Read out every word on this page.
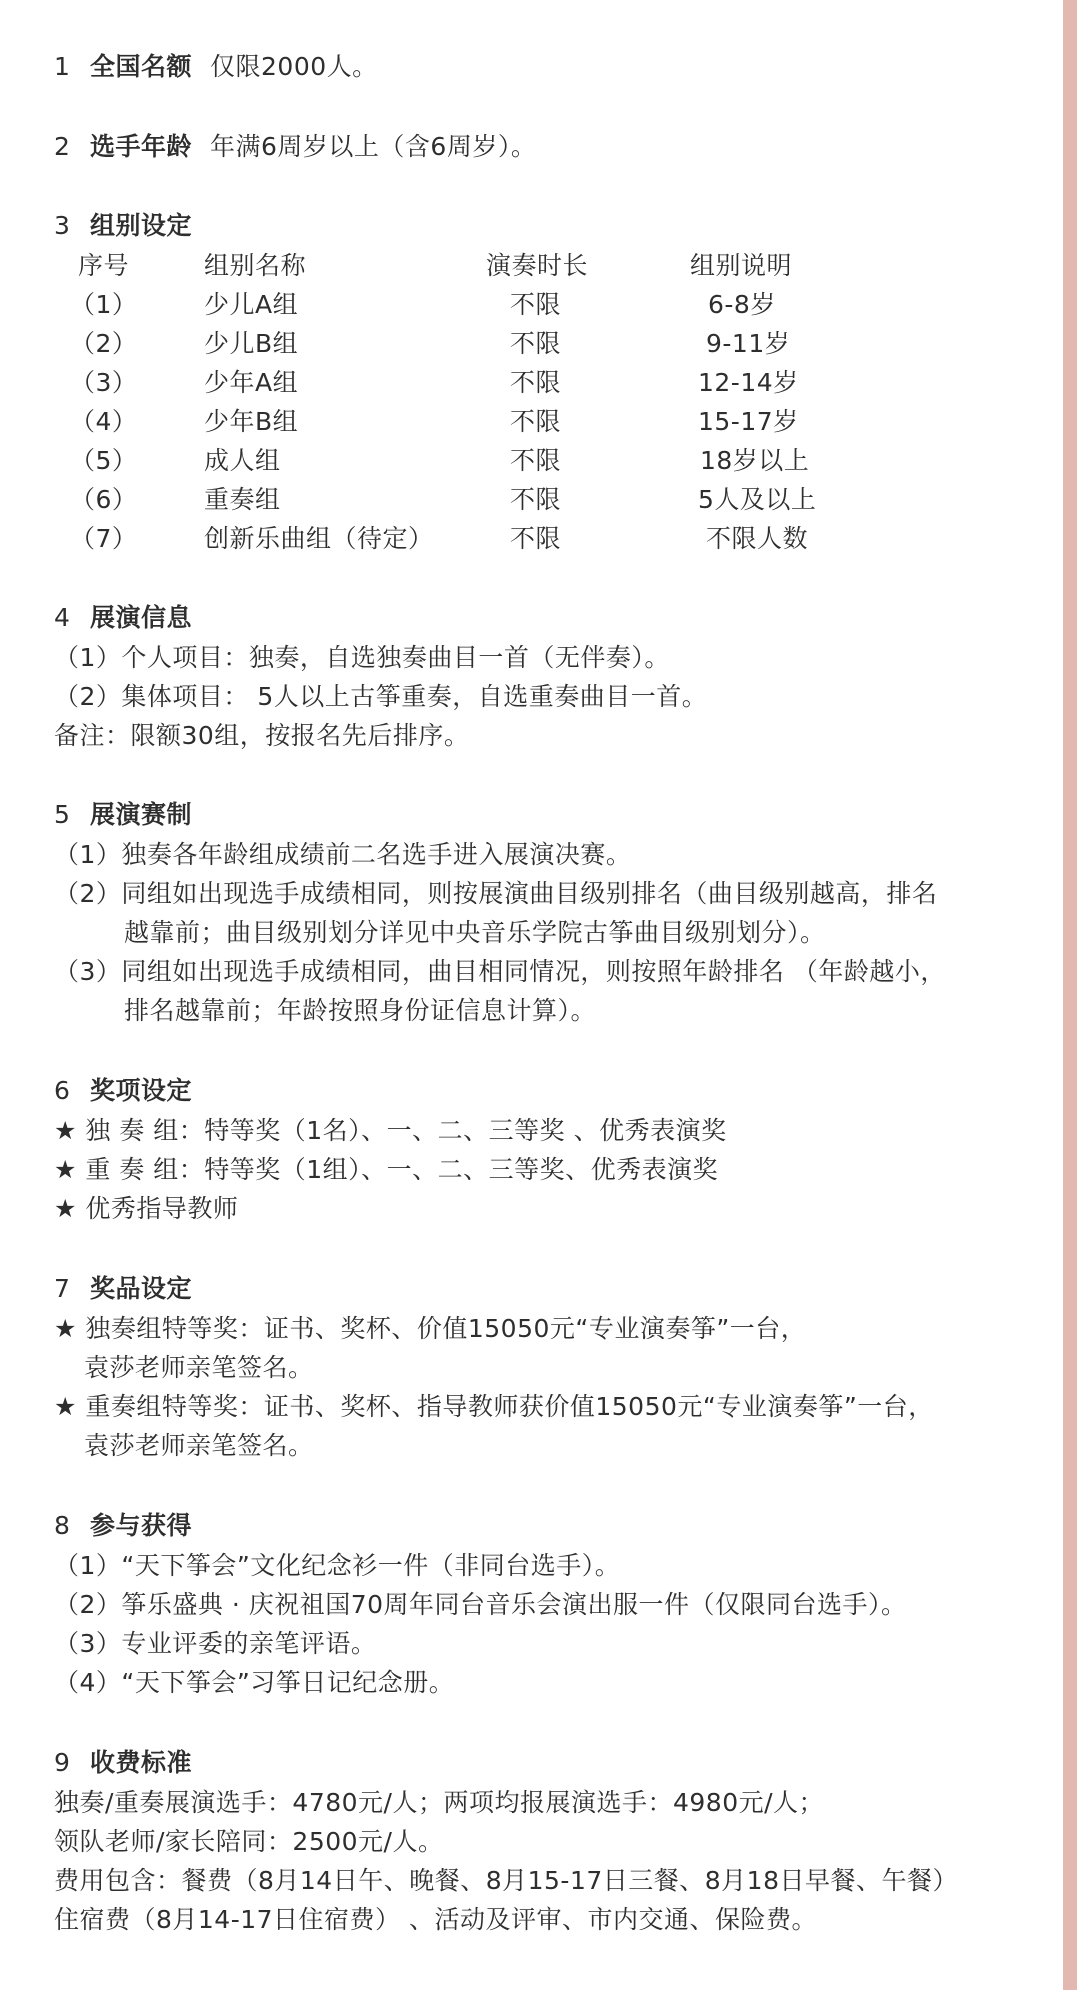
1 全国名额 仅限2000人。
2 选手年龄 年满6周岁以上（含6周岁）。
3 组别设定
序号	组别名称	演奏时长	组别说明
（1）	少儿A组	不限	6-8岁
（2）	少儿B组	不限	9-11岁
（3）	少年A组	不限	12-14岁
（4）	少年B组	不限	15-17岁
（5）	成人组	不限	18岁以上
（6）	重奏组	不限	5人及以上
（7）	创新乐曲组（待定）	不限	不限人数
4 展演信息
（1）个人项目：独奏，自选独奏曲目一首（无伴奏）。
（2）集体项目： 5人以上古筝重奏，自选重奏曲目一首。
备注：限额30组，按报名先后排序。
5 展演赛制
（1）独奏各年龄组成绩前二名选手进入展演决赛。
（2）同组如出现选手成绩相同，则按展演曲目级别排名（曲目级别越高，排名
越靠前；曲目级别划分详见中央音乐学院古筝曲目级别划分）。
（3）同组如出现选手成绩相同，曲目相同情况，则按照年龄排名 （年龄越小，
排名越靠前；年龄按照身份证信息计算）。
6 奖项设定
★ 独 奏 组：特等奖（1名）、一、二、三等奖 、优秀表演奖
★ 重 奏 组：特等奖（1组）、一、二、三等奖、优秀表演奖
★ 优秀指导教师
7 奖品设定
★ 独奏组特等奖：证书、奖杯、价值15050元“专业演奏筝”一台，
袁莎老师亲笔签名。
★ 重奏组特等奖：证书、奖杯、指导教师获价值15050元“专业演奏筝”一台，
袁莎老师亲笔签名。
8 参与获得
（1）“天下筝会”文化纪念衫一件（非同台选手）。
（2）筝乐盛典 · 庆祝祖国70周年同台音乐会演出服一件（仅限同台选手）。
（3）专业评委的亲笔评语。
（4）“天下筝会”习筝日记纪念册。
9 收费标准
独奏/重奏展演选手：4780元/人；两项均报展演选手：4980元/人；
领队老师/家长陪同：2500元/人。
费用包含：餐费（8月14日午、晚餐、8月15-17日三餐、8月18日早餐、午餐）
住宿费（8月14-17日住宿费） 、活动及评审、市内交通、保险费。
